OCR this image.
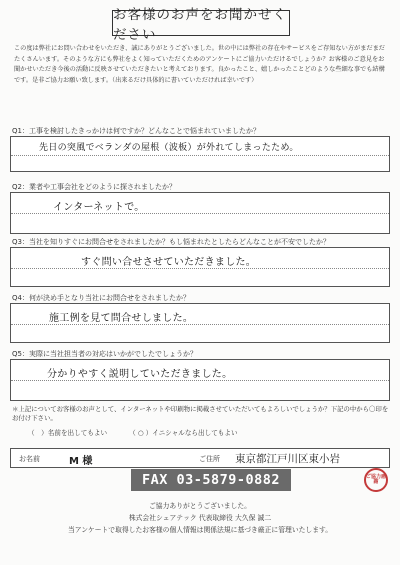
お客様のお声をお聞かせください
この度は弊社にお問い合わせをいただき、誠にありがとうございました。世の中には弊社の存在やサービスをご存知ない方がまだまだたくさんいます。そのような方にも弊社をよく知っていただくためのアンケートにご協力いただけるでしょうか？お客様のご意見をお聞かせいただき今後の活動に反映させていただきたいと考えております。良かったこと、嬉しかったことどのような些細な事でも結構です。是非ご協力お願い致します。（出来るだけ具体的に書いていただければ幸いです）
Q1：工事を検討したきっかけは何ですか？どんなことで悩まれていましたか？
先日の突風でベランダの屋根（波板）が外れてしまったため。
Q2：業者や工事会社をどのように探されましたか？
インターネットで。
Q3：当社を知りすぐにお問合せをされましたか？もし悩まれたとしたらどんなことが不安でしたか？
すぐ問い合せさせていただきました。
Q4：何が決め手となり当社にお問合せをされましたか？
施工例を見て問合せしました。
Q5：実際に当社担当者の対応はいかがでしたでしょうか？
分かりやすく説明していただきました。
＊上記についてお客様のお声として、インターネットや印刷物に掲載させていただいてもよろしいでしょうか？下記の中から〇印をお付け下さい。
（　）名前を出してもよい	（ ○ ）イニシャルなら出してもよい
お名前	M 様	ご住所 東京都江戸川区東小岩
FAX 03-5879-0882	ご協力感謝
ご協力ありがとうございました。
株式会社シェアテック 代表取締役 大久保 誠二
当アンケートで取得したお客様の個人情報は関係法規に基づき厳正に管理いたします。
